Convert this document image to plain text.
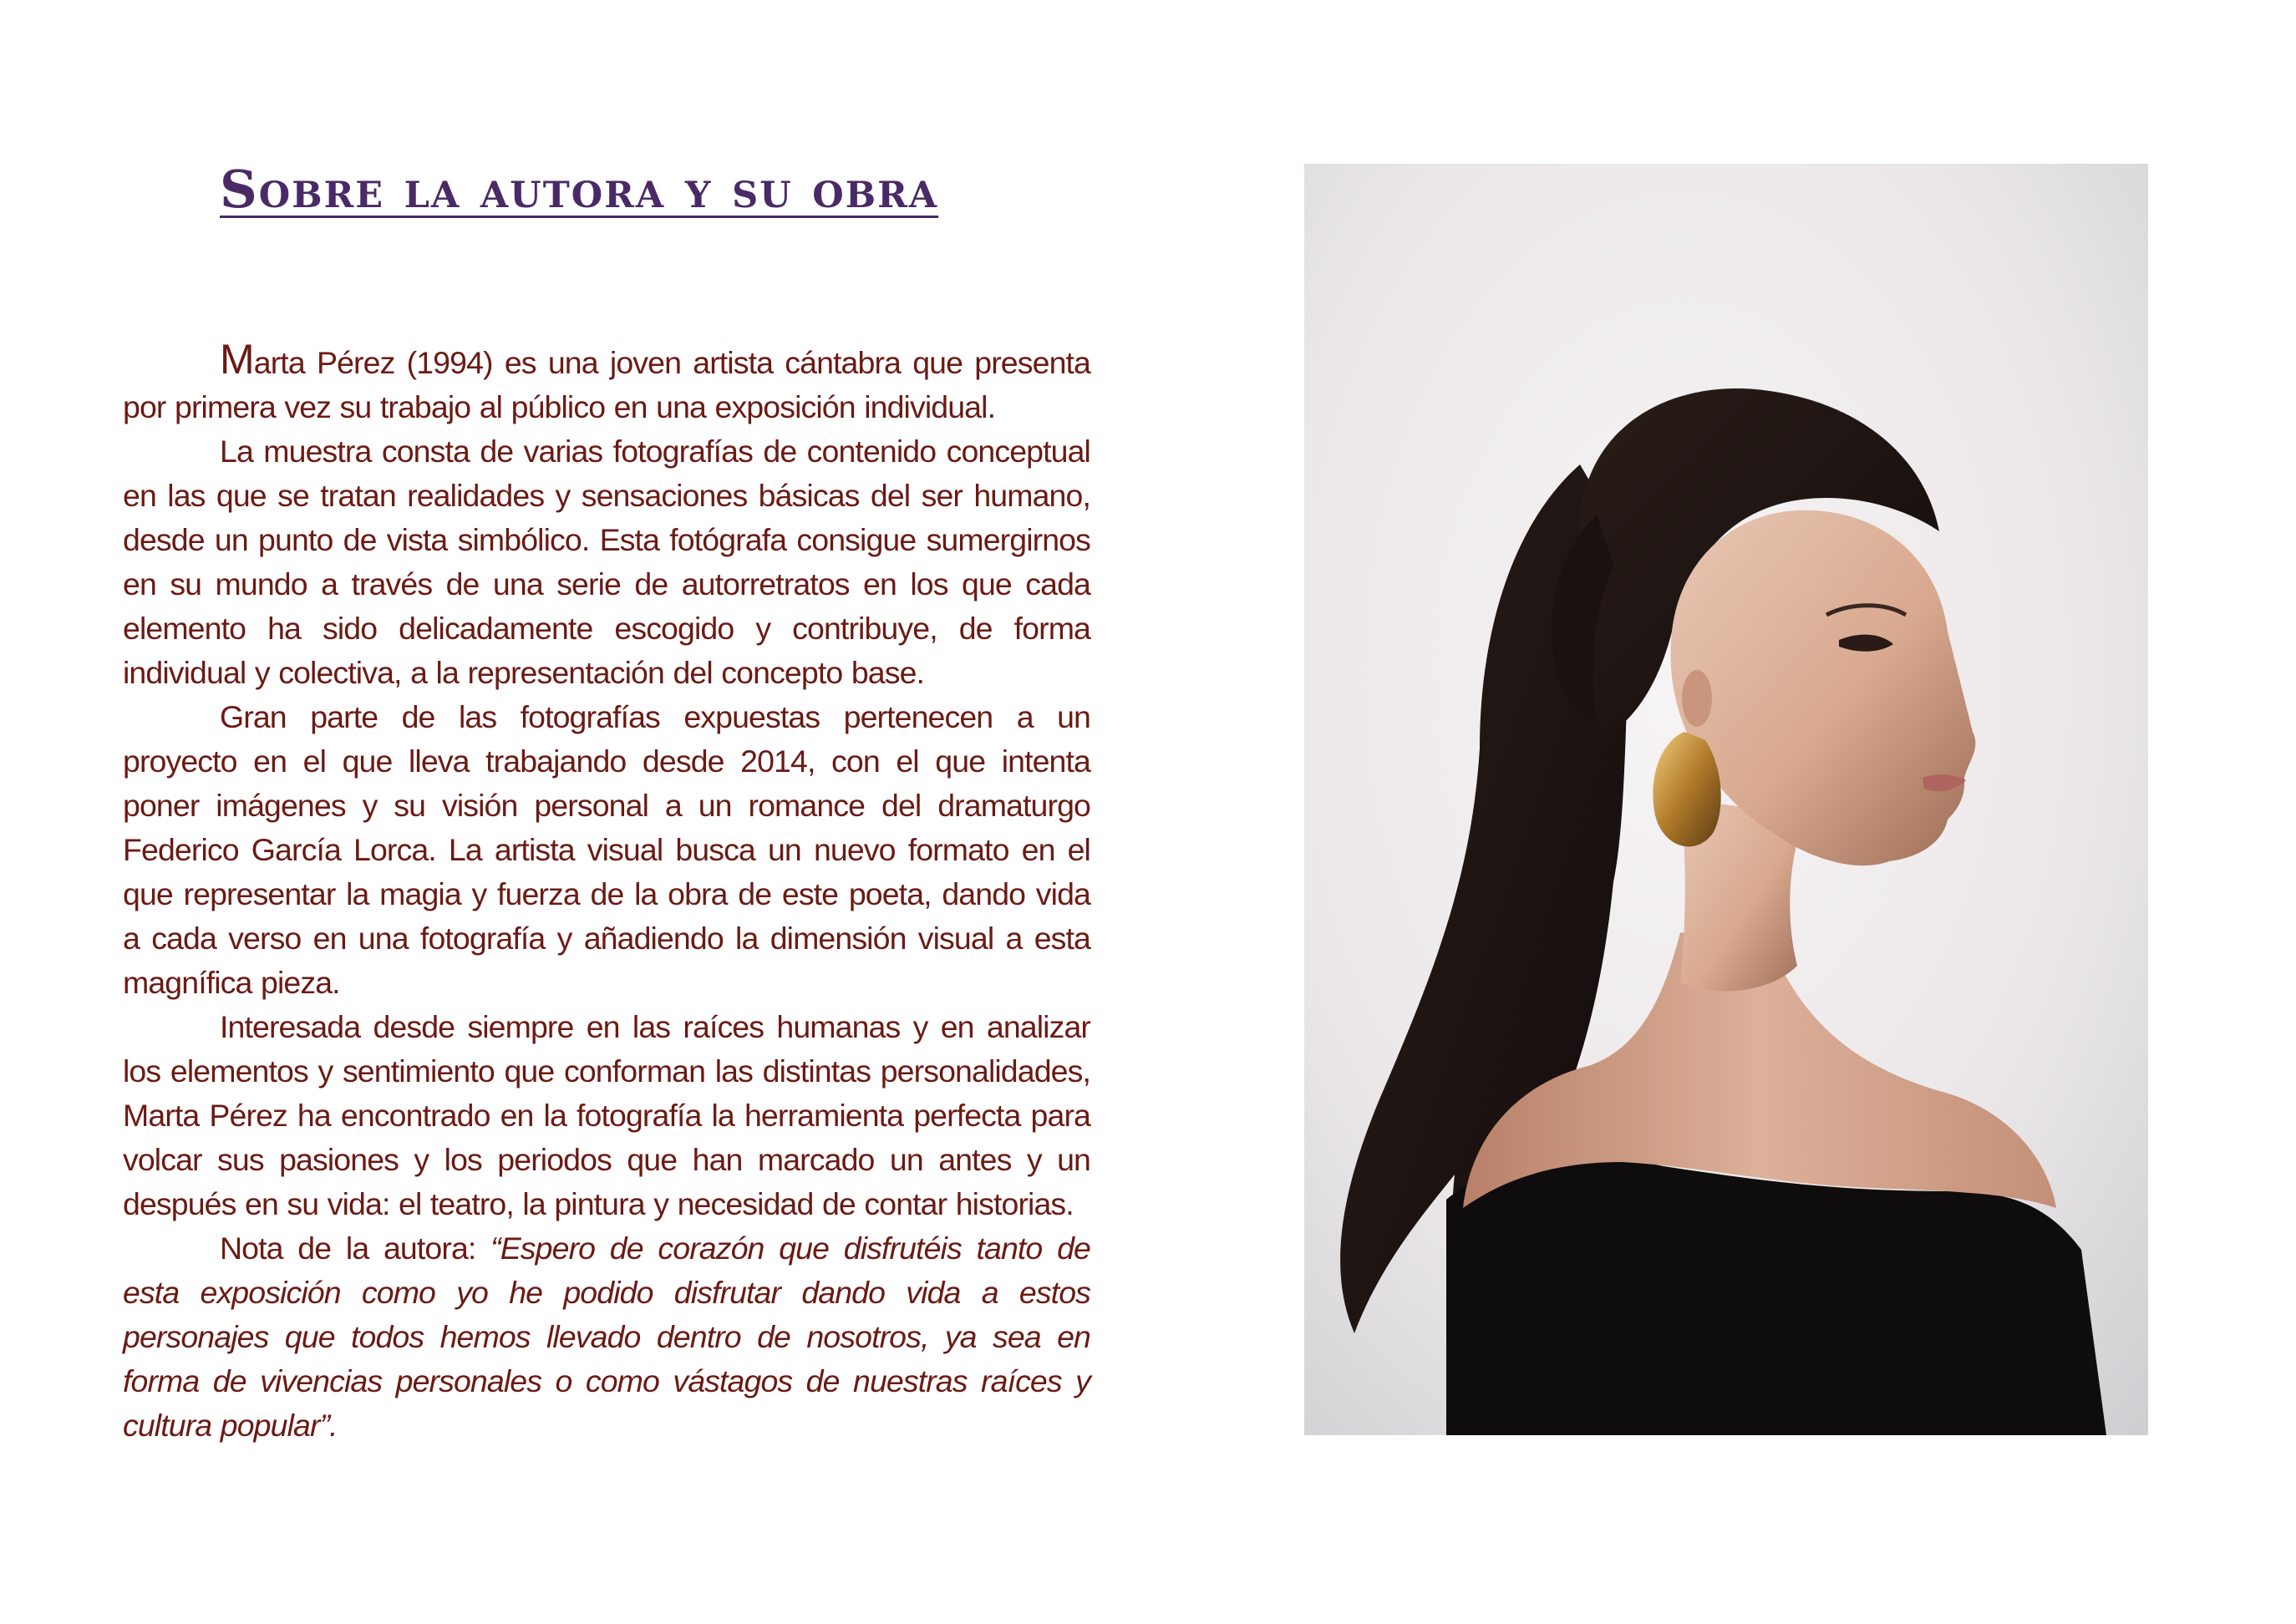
Sobre la autora y su obra

Marta Pérez (1994) es una joven artista cántabra que presenta por primera vez su trabajo al público en una exposición individual.

La muestra consta de varias fotografías de contenido conceptual en las que se tratan realidades y sensaciones básicas del ser humano, desde un punto de vista simbólico. Esta fotógrafa consigue sumergirnos en su mundo a través de una serie de autorretratos en los que cada elemento ha sido delicadamente escogido y contribuye, de forma individual y colectiva, a la representación del concepto base.

Gran parte de las fotografías expuestas pertenecen a un proyecto en el que lleva trabajando desde 2014, con el que intenta poner imágenes y su visión personal a un romance del dramaturgo Federico García Lorca. La artista visual busca un nuevo formato en el que representar la magia y fuerza de la obra de este poeta, dando vida a cada verso en una fotografía y añadiendo la dimensión visual a esta magnífica pieza.

Interesada desde siempre en las raíces humanas y en analizar los elementos y sentimiento que conforman las distintas personalidades, Marta Pérez ha encontrado en la fotografía la herramienta perfecta para volcar sus pasiones y los periodos que han marcado un antes y un después en su vida: el teatro, la pintura y necesidad de contar historias.

Nota de la autora: “Espero de corazón que disfrutéis tanto de esta exposición como yo he podido disfrutar dando vida a estos personajes que todos hemos llevado dentro de nosotros, ya sea en forma de vivencias personales o como vástagos de nuestras raíces y cultura popular”.
